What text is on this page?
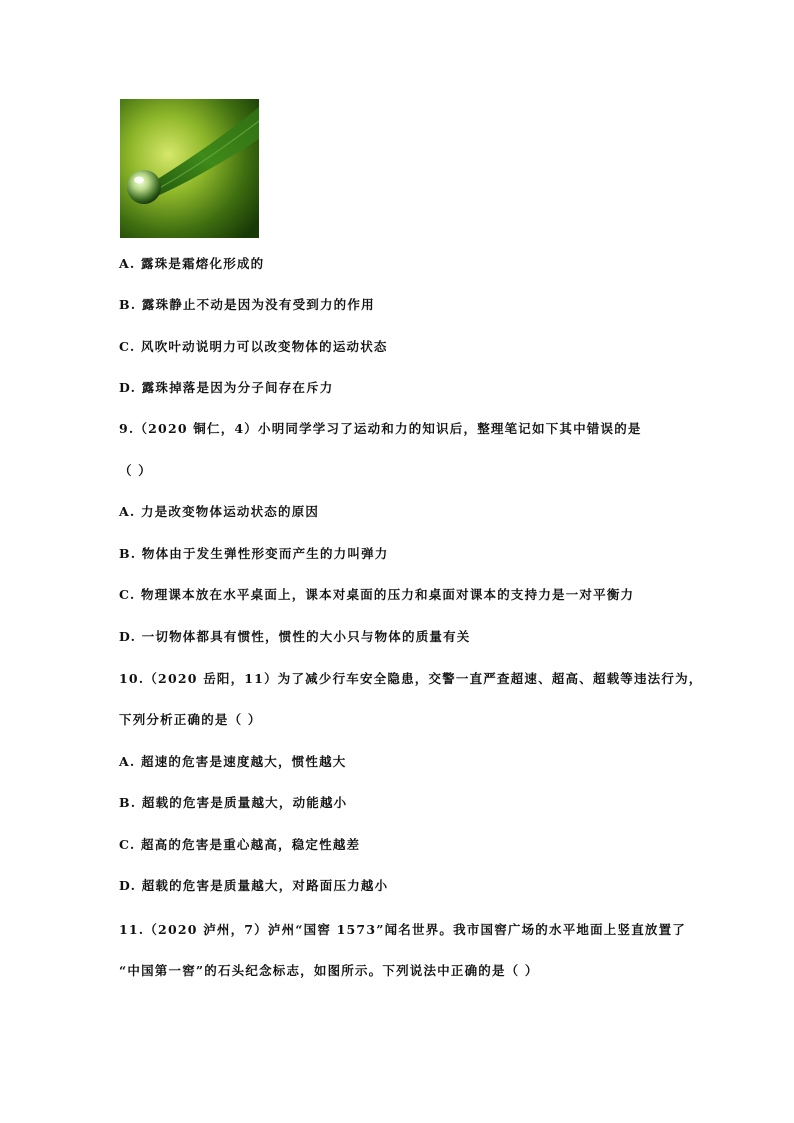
A. 露珠是霜熔化形成的
B. 露珠静止不动是因为没有受到力的作用
C. 风吹叶动说明力可以改变物体的运动状态
D. 露珠掉落是因为分子间存在斥力
9.（2020 铜仁，4）小明同学学习了运动和力的知识后，整理笔记如下其中错误的是
（ ）
A. 力是改变物体运动状态的原因
B. 物体由于发生弹性形变而产生的力叫弹力
C. 物理课本放在水平桌面上，课本对桌面的压力和桌面对课本的支持力是一对平衡力
D. 一切物体都具有惯性，惯性的大小只与物体的质量有关
10.（2020 岳阳，11）为了减少行车安全隐患，交警一直严查超速、超高、超载等违法行为，
下列分析正确的是（ ）
A. 超速的危害是速度越大，惯性越大
B. 超载的危害是质量越大，动能越小
C. 超高的危害是重心越高，稳定性越差
D. 超载的危害是质量越大，对路面压力越小
11.（2020 泸州，7）泸州“国窖 1573”闻名世界。我市国窖广场的水平地面上竖直放置了
“中国第一窖”的石头纪念标志，如图所示。下列说法中正确的是（ ）
